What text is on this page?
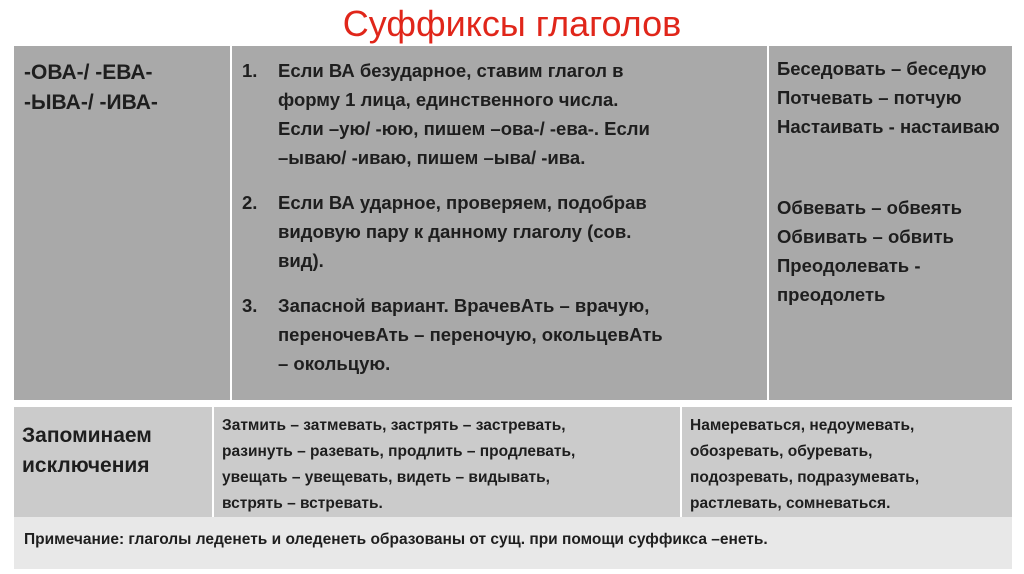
Суффиксы глаголов
-ОВА-/ -ЕВА-
-ЫВА-/ -ИВА-

1. Если ВА безударное, ставим глагол в
форму 1 лица, единственного числа.
Если –ую/ -юю, пишем –ова-/ -ева-. Если
–ываю/ -иваю, пишем –ыва/ -ива.
2. Если ВА ударное, проверяем, подобрав
видовую пару к данному глаголу (сов.
вид).
3. Запасной вариант. ВрачевАть – врачую,
переночевАть – переночую, окольцевАть
– окольцую.

Беседовать – беседую
Потчевать – потчую
Настаивать - настаиваю
Обвевать – обвеять
Обвивать – обвить
Преодолевать -
преодолеть
Запоминаем
исключения

Затмить – затмевать, застрять – застревать,
разинуть – разевать, продлить – продлевать,
увещать – увещевать, видеть – видывать,
встрять – встревать.

Намереваться, недоумевать,
обозревать, обуревать,
подозревать, подразумевать,
растлевать, сомневаться.
Примечание: глаголы леденеть и оледенеть образованы от сущ. при помощи суффикса –енеть.
